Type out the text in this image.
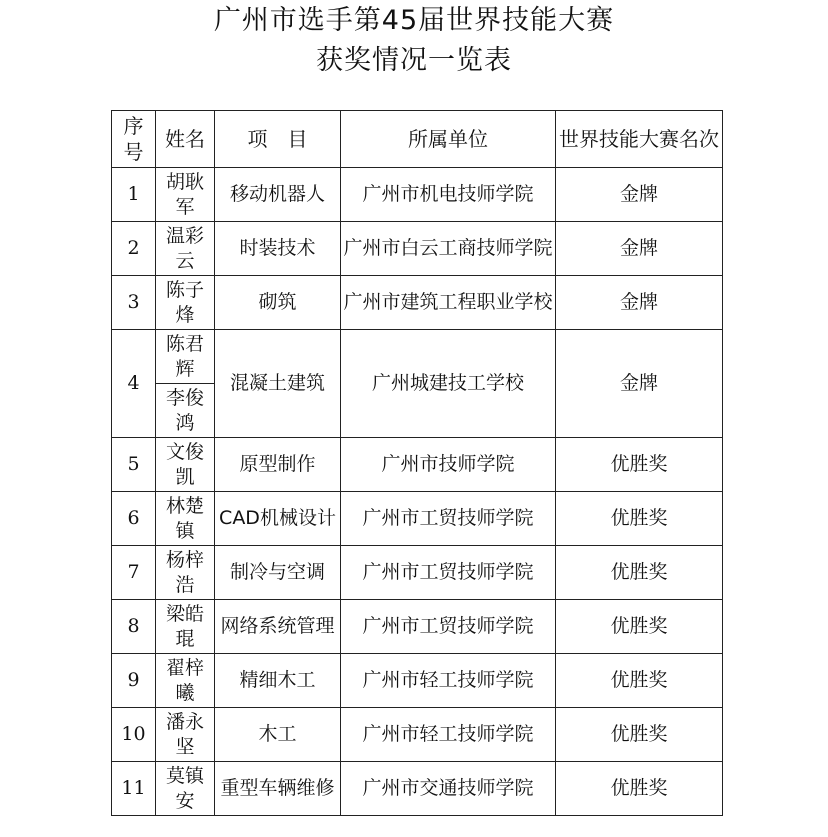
广州市选手第45届世界技能大赛
获奖情况一览表
序号	姓名	项　目	所属单位	世界技能大赛名次
1	胡耿军	移动机器人	广州市机电技师学院	金牌
2	温彩云	时装技术	广州市白云工商技师学院	金牌
3	陈子烽	砌筑	广州市建筑工程职业学校	金牌
4	陈君辉	混凝土建筑	广州城建技工学校	金牌
	李俊鸿			
5	文俊凯	原型制作	广州市技师学院	优胜奖
6	林楚镇	CAD机械设计	广州市工贸技师学院	优胜奖
7	杨梓浩	制冷与空调	广州市工贸技师学院	优胜奖
8	梁皓琨	网络系统管理	广州市工贸技师学院	优胜奖
9	翟梓曦	精细木工	广州市轻工技师学院	优胜奖
10	潘永坚	木工	广州市轻工技师学院	优胜奖
11	莫镇安	重型车辆维修	广州市交通技师学院	优胜奖
